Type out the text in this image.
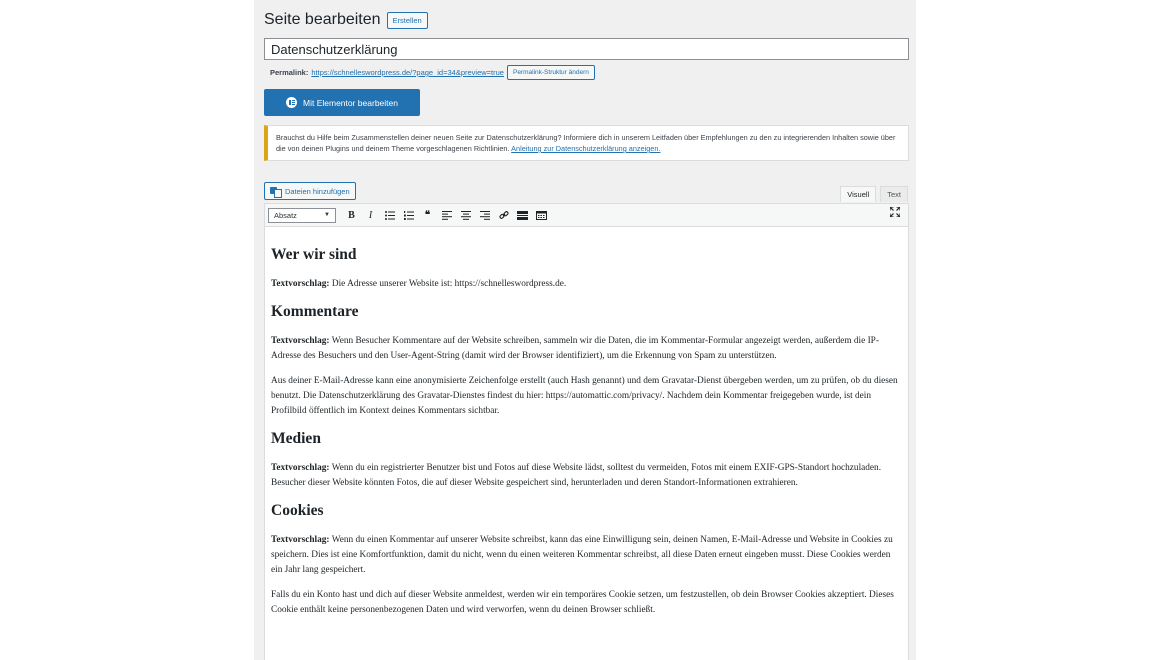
Seite bearbeiten	Erstellen
Datenschutzerklärung
Permalink: https://schnelleswordpress.de/?page_id=34&preview=true	Permalink-Struktur ändern
Mit Elementor bearbeiten
Brauchst du Hilfe beim Zusammenstellen deiner neuen Seite zur Datenschutzerklärung? Informiere dich in unserem Leitfaden über Empfehlungen zu den zu integrierenden Inhalten sowie über die von deinen Plugins und deinem Theme vorgeschlagenen Richtlinien. Anleitung zur Datenschutzerklärung anzeigen.
Dateien hinzufügen	Visuell	Text
Absatz	▼	B	I	❝
Wer wir sind

Textvorschlag: Die Adresse unserer Website ist: https://schnelleswordpress.de.

Kommentare

Textvorschlag: Wenn Besucher Kommentare auf der Website schreiben, sammeln wir die Daten, die im Kommentar-Formular angezeigt werden, außerdem die IP-Adresse des Besuchers und den User-Agent-String (damit wird der Browser identifiziert), um die Erkennung von Spam zu unterstützen.

Aus deiner E-Mail-Adresse kann eine anonymisierte Zeichenfolge erstellt (auch Hash genannt) und dem Gravatar-Dienst übergeben werden, um zu prüfen, ob du diesen benutzt. Die Datenschutzerklärung des Gravatar-Dienstes findest du hier: https://automattic.com/privacy/. Nachdem dein Kommentar freigegeben wurde, ist dein Profilbild öffentlich im Kontext deines Kommentars sichtbar.

Medien

Textvorschlag: Wenn du ein registrierter Benutzer bist und Fotos auf diese Website lädst, solltest du vermeiden, Fotos mit einem EXIF-GPS-Standort hochzuladen. Besucher dieser Website könnten Fotos, die auf dieser Website gespeichert sind, herunterladen und deren Standort-Informationen extrahieren.

Cookies

Textvorschlag: Wenn du einen Kommentar auf unserer Website schreibst, kann das eine Einwilligung sein, deinen Namen, E-Mail-Adresse und Website in Cookies zu speichern. Dies ist eine Komfortfunktion, damit du nicht, wenn du einen weiteren Kommentar schreibst, all diese Daten erneut eingeben musst. Diese Cookies werden ein Jahr lang gespeichert.

Falls du ein Konto hast und dich auf dieser Website anmeldest, werden wir ein temporäres Cookie setzen, um festzustellen, ob dein Browser Cookies akzeptiert. Dieses Cookie enthält keine personenbezogenen Daten und wird verworfen, wenn du deinen Browser schließt.
